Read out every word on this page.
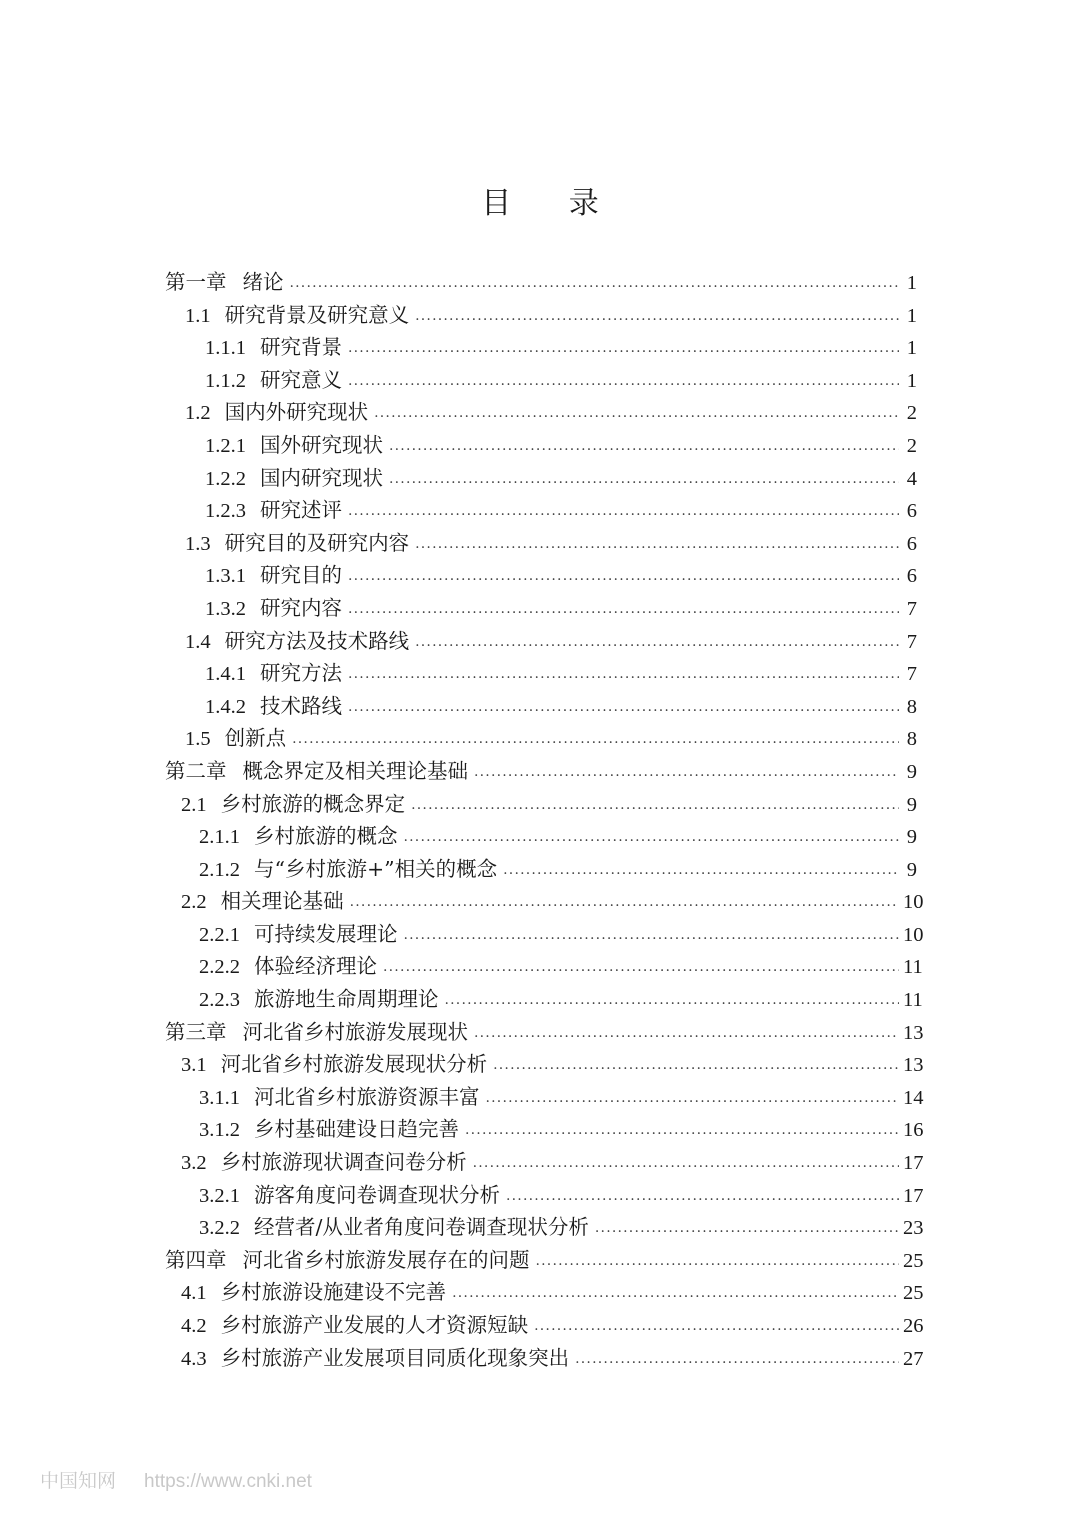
目 录
第一章 绪论 .....	1
1.1 研究背景及研究意义 .....	1
1.1.1 研究背景 .....	1
1.1.2 研究意义 .....	1
1.2 国内外研究现状 .....	2
1.2.1 国外研究现状 .....	2
1.2.2 国内研究现状 .....	4
1.2.3 研究述评 .....	6
1.3 研究目的及研究内容 .....	6
1.3.1 研究目的 .....	6
1.3.2 研究内容 .....	7
1.4 研究方法及技术路线 .....	7
1.4.1 研究方法 .....	7
1.4.2 技术路线 .....	8
1.5 创新点 .....	8
第二章 概念界定及相关理论基础 .....	9
2.1 乡村旅游的概念界定 .....	9
2.1.1 乡村旅游的概念 .....	9
2.1.2 与“乡村旅游+”相关的概念 .....	9
2.2 相关理论基础 .....	10
2.2.1 可持续发展理论 .....	10
2.2.2 体验经济理论 .....	11
2.2.3 旅游地生命周期理论 .....	11
第三章 河北省乡村旅游发展现状 .....	13
3.1 河北省乡村旅游发展现状分析 .....	13
3.1.1 河北省乡村旅游资源丰富 .....	14
3.1.2 乡村基础建设日趋完善 .....	16
3.2 乡村旅游现状调查问卷分析 .....	17
3.2.1 游客角度问卷调查现状分析 .....	17
3.2.2 经营者/从业者角度问卷调查现状分析 .....	23
第四章 河北省乡村旅游发展存在的问题 .....	25
4.1 乡村旅游设施建设不完善 .....	25
4.2 乡村旅游产业发展的人才资源短缺 .....	26
4.3 乡村旅游产业发展项目同质化现象突出 .....	27
中国知网 https://www.cnki.net
